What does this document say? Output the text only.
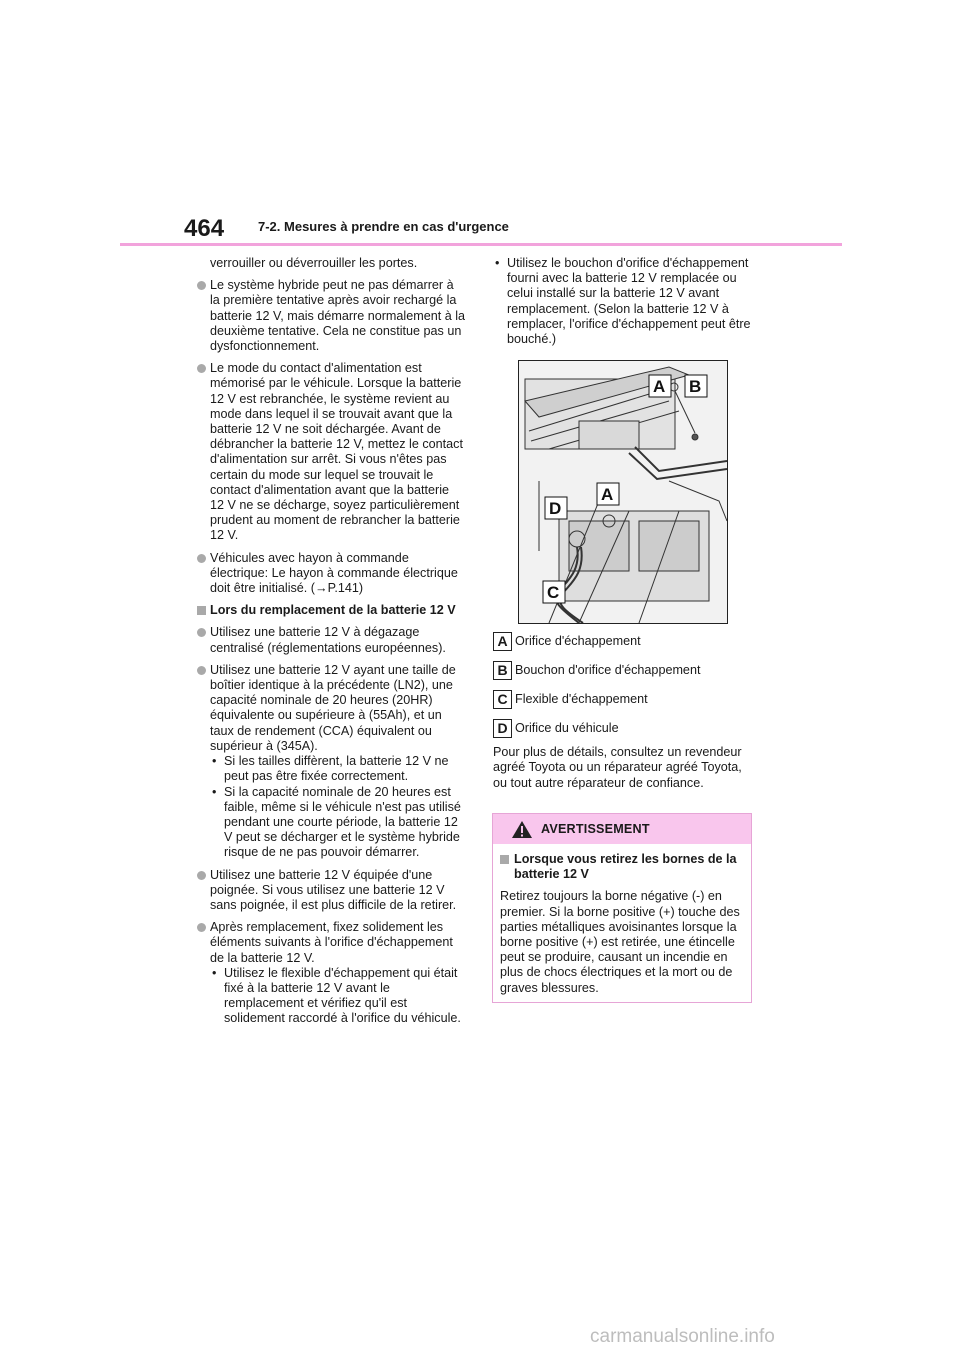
464	7-2. Mesures à prendre en cas d'urgence

verrouiller ou déverrouiller les portes.

Le système hybride peut ne pas démarrer à la première tentative après avoir rechargé la batterie 12 V, mais démarre normalement à la deuxième tentative. Cela ne constitue pas un dysfonctionnement.
Le mode du contact d'alimentation est mémorisé par le véhicule. Lorsque la batterie 12 V est rebranchée, le système revient au mode dans lequel il se trouvait avant que la batterie 12 V ne soit déchargée. Avant de débrancher la batterie 12 V, mettez le contact d'alimentation sur arrêt. Si vous n'êtes pas certain du mode sur lequel se trouvait le contact d'alimentation avant que la batterie 12 V ne se décharge, soyez particulièrement prudent au moment de rebrancher la batterie 12 V.
Véhicules avec hayon à commande électrique: Le hayon à commande électrique doit être initialisé. (→P.141)
Lors du remplacement de la batterie 12 V
Utilisez une batterie 12 V à dégazage centralisé (réglementations européennes).
Utilisez une batterie 12 V ayant une taille de boîtier identique à la précédente (LN2), une capacité nominale de 20 heures (20HR) équivalente ou supérieure à (55Ah), et un taux de rendement (CCA) équivalent ou supérieur à (345A).
• Si les tailles diffèrent, la batterie 12 V ne peut pas être fixée correctement.
• Si la capacité nominale de 20 heures est faible, même si le véhicule n'est pas utilisé pendant une courte période, la batterie 12 V peut se décharger et le système hybride risque de ne pas pouvoir démarrer.
Utilisez une batterie 12 V équipée d'une poignée. Si vous utilisez une batterie 12 V sans poignée, il est plus difficile de la retirer.
Après remplacement, fixez solidement les éléments suivants à l'orifice d'échappement de la batterie 12 V.
• Utilisez le flexible d'échappement qui était fixé à la batterie 12 V avant le remplacement et vérifiez qu'il est solidement raccordé à l'orifice du véhicule.
• Utilisez le bouchon d'orifice d'échappement fourni avec la batterie 12 V remplacée ou celui installé sur la batterie 12 V avant remplacement. (Selon la batterie 12 V à remplacer, l'orifice d'échappement peut être bouché.)
A B
A
D
C
A Orifice d'échappement
B Bouchon d'orifice d'échappement
C Flexible d'échappement
D Orifice du véhicule

Pour plus de détails, consultez un revendeur agréé Toyota ou un réparateur agréé Toyota, ou tout autre réparateur de confiance.

AVERTISSEMENT
Lorsque vous retirez les bornes de la batterie 12 V

Retirez toujours la borne négative (-) en premier. Si la borne positive (+) touche des parties métalliques avoisinantes lorsque la borne positive (+) est retirée, une étincelle peut se produire, causant un incendie en plus de chocs électriques et la mort ou de graves blessures.

carmanualsonline.info
